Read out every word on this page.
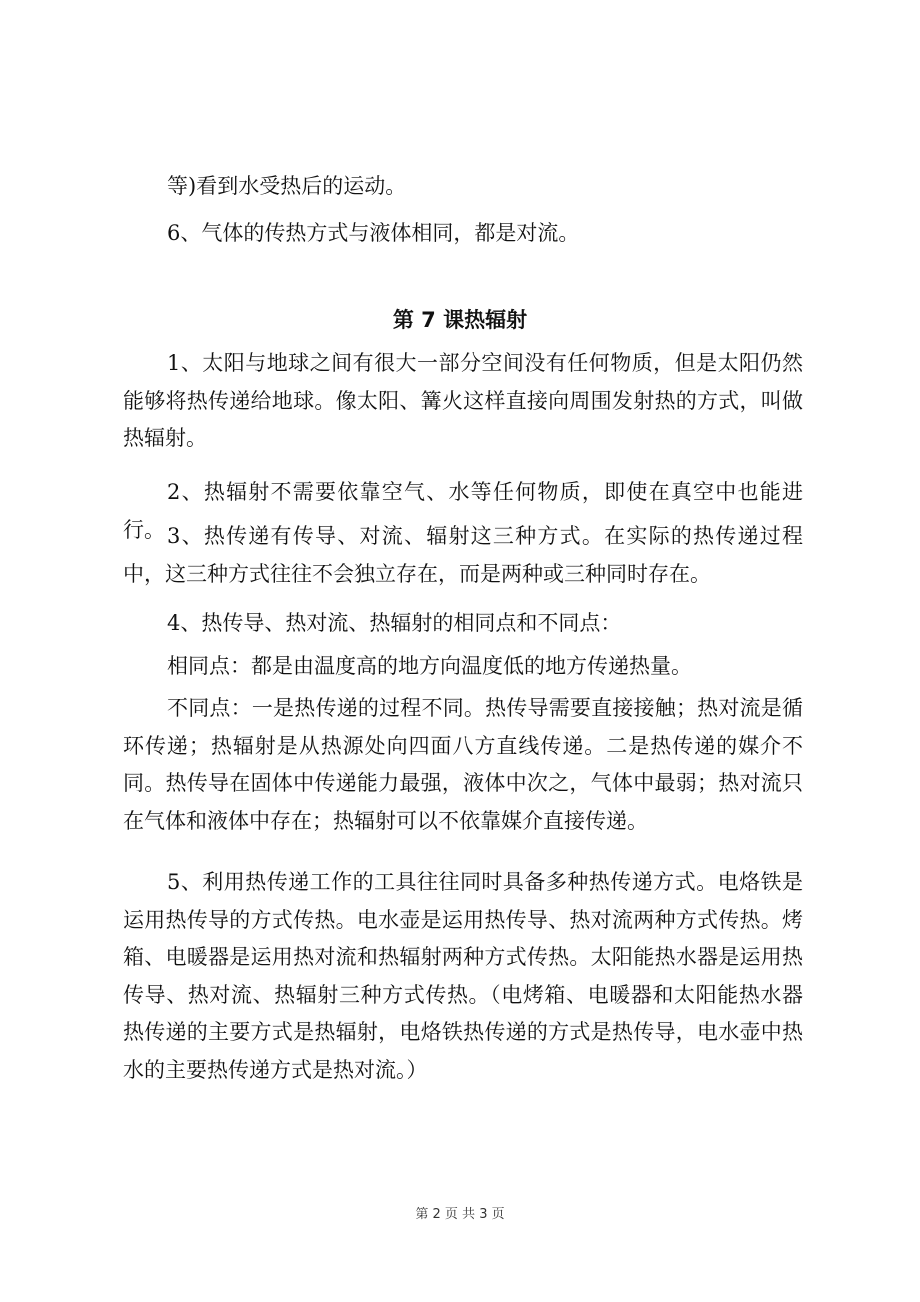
等)看到水受热后的运动。

6、气体的传热方式与液体相同，都是对流。

第 7 课热辐射

1、太阳与地球之间有很大一部分空间没有任何物质，但是太阳仍然能够将热传递给地球。像太阳、篝火这样直接向周围发射热的方式，叫做热辐射。

2、热辐射不需要依靠空气、水等任何物质，即使在真空中也能进行。 3、热传递有传导、对流、辐射这三种方式。在实际的热传递过程中，这三种方式往往不会独立存在，而是两种或三种同时存在。

4、热传导、热对流、热辐射的相同点和不同点：

相同点：都是由温度高的地方向温度低的地方传递热量。

不同点：一是热传递的过程不同。热传导需要直接接触；热对流是循环传递；热辐射是从热源处向四面八方直线传递。二是热传递的媒介不同。热传导在固体中传递能力最强，液体中次之，气体中最弱；热对流只在气体和液体中存在；热辐射可以不依靠媒介直接传递。

5、利用热传递工作的工具往往同时具备多种热传递方式。电烙铁是运用热传导的方式传热。电水壶是运用热传导、热对流两种方式传热。烤箱、电暖器是运用热对流和热辐射两种方式传热。太阳能热水器是运用热传导、热对流、热辐射三种方式传热。（电烤箱、电暖器和太阳能热水器热传递的主要方式是热辐射，电烙铁热传递的方式是热传导，电水壶中热水的主要热传递方式是热对流。）

第 2 页 共 3 页
